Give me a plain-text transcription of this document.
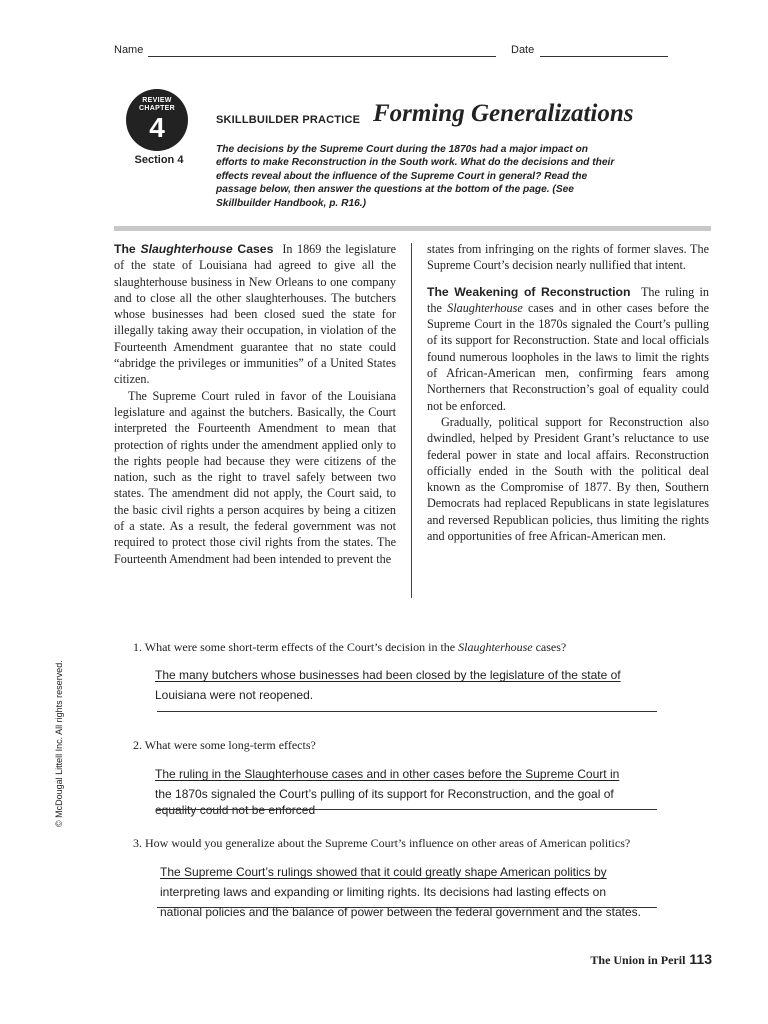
Name	Date
REVIEW
CHAPTER
4
Section 4
SKILLBUILDER PRACTICE Forming Generalizations
The decisions by the Supreme Court during the 1870s had a major impact on efforts to make Reconstruction in the South work. What do the decisions and their effects reveal about the influence of the Supreme Court in general? Read the passage below, then answer the questions at the bottom of the page. (See Skillbuilder Handbook, p. R16.)

The Slaughterhouse Cases In 1869 the legislature of the state of Louisiana had agreed to give all the slaughterhouse business in New Orleans to one company and to close all the other slaughterhouses. The butchers whose businesses had been closed sued the state for illegally taking away their occupation, in violation of the Fourteenth Amendment guarantee that no state could “abridge the privileges or immunities” of a United States citizen.

The Supreme Court ruled in favor of the Louisiana legislature and against the butchers. Basically, the Court interpreted the Fourteenth Amendment to mean that protection of rights under the amendment applied only to the rights people had because they were citizens of the nation, such as the right to travel safely between two states. The amendment did not apply, the Court said, to the basic civil rights a person acquires by being a citizen of a state. As a result, the federal government was not required to protect those civil rights from the states. The Fourteenth Amendment had been intended to prevent the

states from infringing on the rights of former slaves. The Supreme Court’s decision nearly nullified that intent.

The Weakening of Reconstruction The ruling in the Slaughterhouse cases and in other cases before the Supreme Court in the 1870s signaled the Court’s pulling of its support for Reconstruction. State and local officials found numerous loopholes in the laws to limit the rights of African-American men, confirming fears among Northerners that Reconstruction’s goal of equality could not be enforced.

Gradually, political support for Reconstruction also dwindled, helped by President Grant’s reluctance to use federal power in state and local affairs. Reconstruction officially ended in the South with the political deal known as the Compromise of 1877. By then, Southern Democrats had replaced Republicans in state legislatures and reversed Republican policies, thus limiting the rights and opportunities of free African-American men.

1. What were some short-term effects of the Court’s decision in the Slaughterhouse cases?
The many butchers whose businesses had been closed by the legislature of the state of
Louisiana were not reopened.
2. What were some long-term effects?
The ruling in the Slaughterhouse cases and in other cases before the Supreme Court in
the 1870s signaled the Court’s pulling of its support for Reconstruction, and the goal of
equality could not be enforced
3. How would you generalize about the Supreme Court’s influence on other areas of American politics?
The Supreme Court’s rulings showed that it could greatly shape American politics by
interpreting laws and expanding or limiting rights. Its decisions had lasting effects on
national policies and the balance of power between the federal government and the states.
© McDougal Littell Inc. All rights reserved.
The Union in Peril 113
